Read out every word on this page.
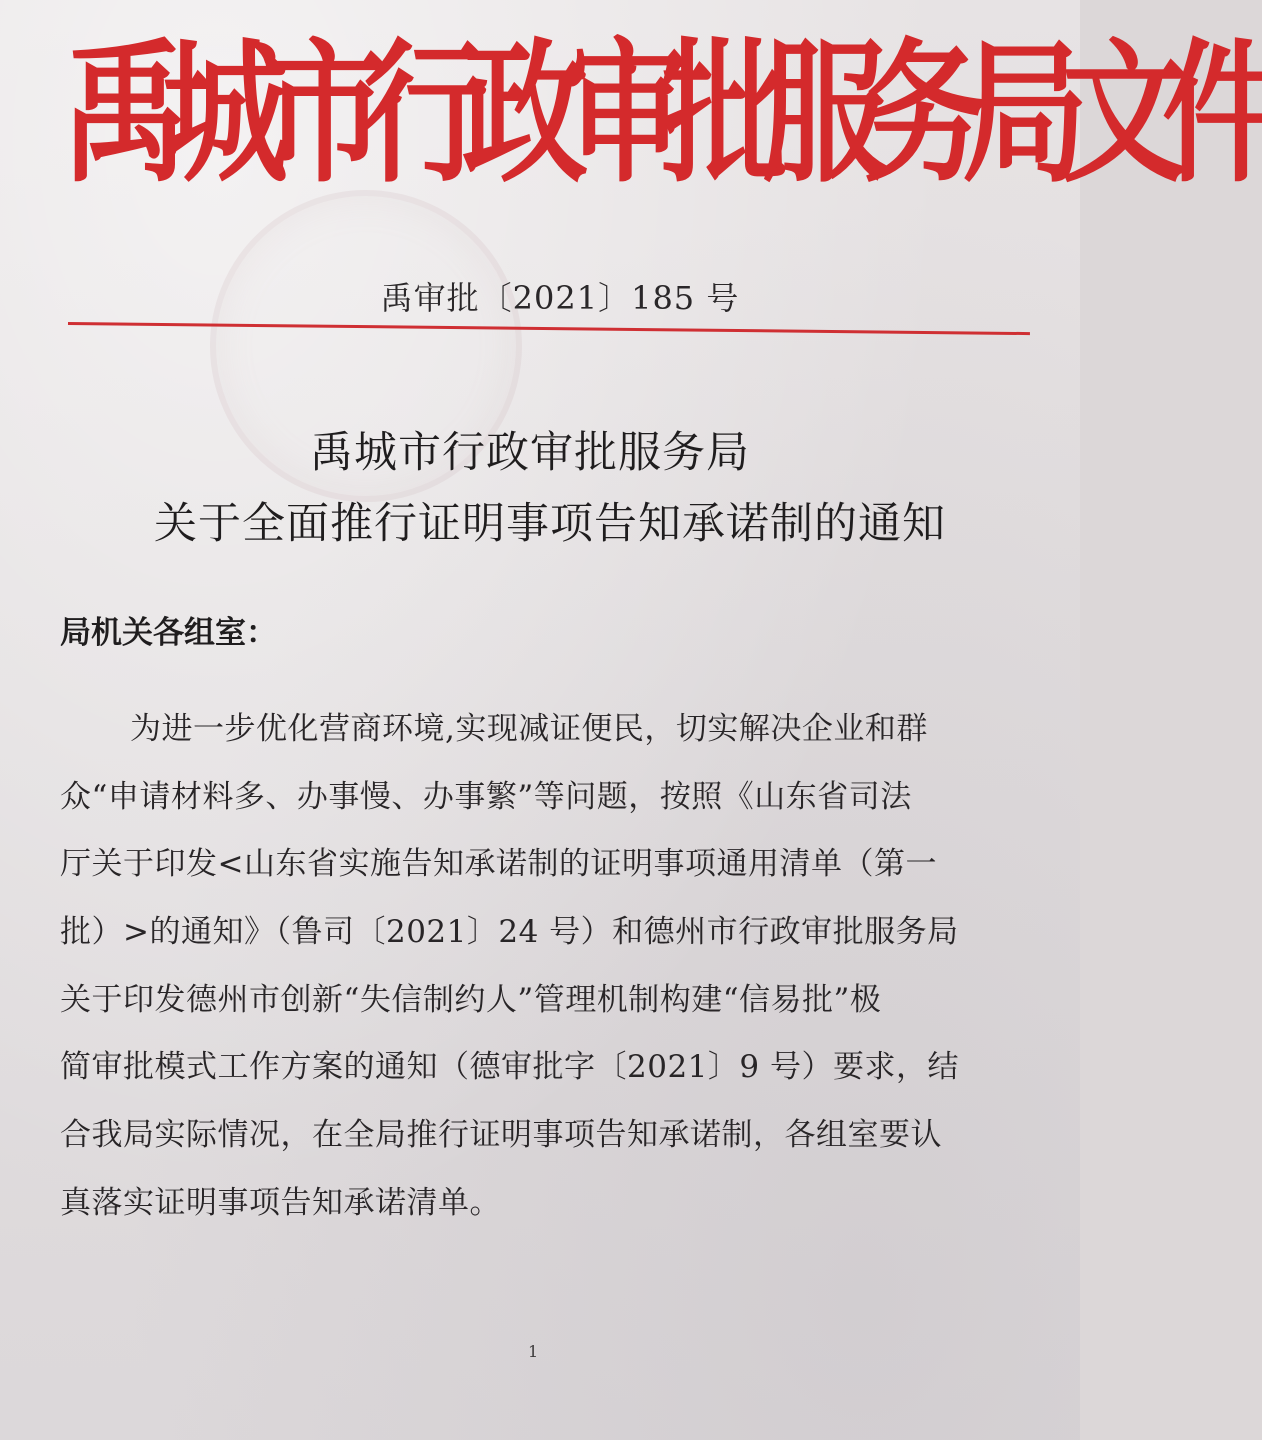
禹城市行政审批服务局文件
禹审批〔2021〕185 号
禹城市行政审批服务局
关于全面推行证明事项告知承诺制的通知
局机关各组室：
为进一步优化营商环境,实现减证便民，切实解决企业和群
众“申请材料多、办事慢、办事繁”等问题，按照《山东省司法
厅关于印发<山东省实施告知承诺制的证明事项通用清单（第一
批）>的通知》（鲁司〔2021〕24 号）和德州市行政审批服务局
关于印发德州市创新“失信制约人”管理机制构建“信易批”极
简审批模式工作方案的通知（德审批字〔2021〕9 号）要求，结
合我局实际情况，在全局推行证明事项告知承诺制，各组室要认
真落实证明事项告知承诺清单。
1
